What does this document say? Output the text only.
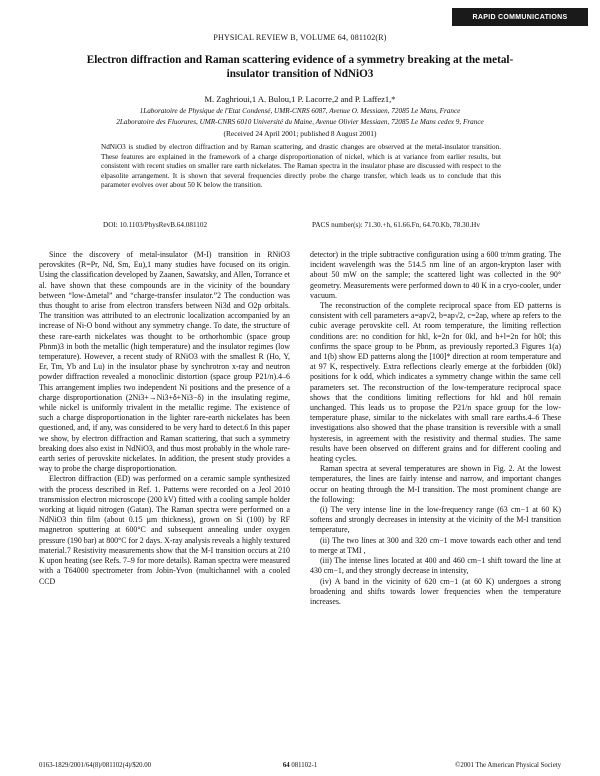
RAPID COMMUNICATIONS
PHYSICAL REVIEW B, VOLUME 64, 081102(R)
Electron diffraction and Raman scattering evidence of a symmetry breaking at the metal-insulator transition of NdNiO3
M. Zaghrioui,1 A. Bulou,1 P. Lacorre,2 and P. Laffez1,*
1Laboratoire de Physique de l'Etat Condensé, UMR-CNRS 6087, Avenue O. Messiaen, 72085 Le Mans, France
2Laboratoire des Fluorures, UMR-CNRS 6010 Université du Maine, Avenue Olivier Messiaen, 72085 Le Mans cedex 9, France
(Received 24 April 2001; published 8 August 2001)

NdNiO3 is studied by electron diffraction and by Raman scattering, and drastic changes are observed at the metal-insulator transition. These features are explained in the framework of a charge disproportionation of nickel, which is at variance from earlier results, but consistent with recent studies on smaller rare earth nickelates. The Raman spectra in the insulator phase are discussed with respect to the elpasolite arrangement. It is shown that several frequencies directly probe the charge transfer, which leads us to conclude that this parameter evolves over about 50 K below the transition.

DOI: 10.1103/PhysRevB.64.081102	PACS number(s): 71.30.+h, 61.66.Fn, 64.70.Kb, 78.30.Hv

Since the discovery of metal-insulator (M-I) transition in RNiO3 perovskites (R=Pr, Nd, Sm, Eu),1 many studies have focused on its origin. Using the classification developed by Zaanen, Sawatsky, and Allen, Torrance et al. have shown that these compounds are in the vicinity of the boundary between “low-Δmetal” and “charge-transfer insulator.”2 The conduction was thus thought to arise from electron transfers between Ni3d and O2p orbitals. The transition was attributed to an electronic localization accompanied by an increase of Ni-O bond without any symmetry change. To date, the structure of these rare-earth nickelates was thought to be orthorhombic (space group Pbnm)3 in both the metallic (high temperature) and the insulator regimes (low temperature). However, a recent study of RNiO3 with the smallest R (Ho, Y, Er, Tm, Yb and Lu) in the insulator phase by synchrotron x-ray and neutron powder diffraction revealed a monoclinic distortion (space group P21/n).4–6 This arrangement implies two independent Ni positions and the presence of a charge disproportionation (2Ni3+→Ni3+δ+Ni3−δ) in the insulating regime, while nickel is uniformly trivalent in the metallic regime. The existence of such a charge disproportionation in the lighter rare-earth nickelates has been questioned, and, if any, was considered to be very hard to detect.6 In this paper we show, by electron diffraction and Raman scattering, that such a symmetry breaking does also exist in NdNiO3, and thus most probably in the whole rare-earth series of perovskite nickelates. In addition, the present study provides a way to probe the charge disproportionation.

Electron diffraction (ED) was performed on a ceramic sample synthesized with the process described in Ref. 1. Patterns were recorded on a Jeol 2010 transmission electron microscope (200 kV) fitted with a cooling sample holder working at liquid nitrogen (Gatan). The Raman spectra were performed on a NdNiO3 thin film (about 0.15 μm thickness), grown on Si (100) by RF magnetron sputtering at 600°C and subsequent annealing under oxygen pressure (190 bar) at 800°C for 2 days. X-ray analysis reveals a highly textured material.7 Resistivity measurements show that the M-I transition occurs at 210 K upon heating (see Refs. 7–9 for more details). Raman spectra were measured with a T64000 spectrometer from Jobin-Yvon (multichannel with a cooled CCD

detector) in the triple subtractive configuration using a 600 tr/mm grating. The incident wavelength was the 514.5 nm line of an argon-krypton laser with about 50 mW on the sample; the scattered light was collected in the 90° geometry. Measurements were performed down to 40 K in a cryo-cooler, under vacuum.

The reconstruction of the complete reciprocal space from ED patterns is consistent with cell parameters a=ap√2, b=ap√2, c=2ap, where ap refers to the cubic average perovskite cell. At room temperature, the limiting reflection conditions are: no condition for hkl, k=2n for 0kl, and h+l=2n for h0l; this confirms the space group to be Pbnm, as previously reported.3 Figures 1(a) and 1(b) show ED patterns along the [100]* direction at room temperature and at 97 K, respectively. Extra reflections clearly emerge at the forbidden (0kl) positions for k odd, which indicates a symmetry change within the same cell parameters set. The reconstruction of the low-temperature reciprocal space shows that the conditions limiting reflections for hkl and h0l remain unchanged. This leads us to propose the P21/n space group for the low-temperature phase, similar to the nickelates with small rare earths.4–6 These investigations also showed that the phase transition is reversible with a small hysteresis, in agreement with the resistivity and thermal studies. The same results have been observed on different grains and for different cooling and heating cycles.

Raman spectra at several temperatures are shown in Fig. 2. At the lowest temperatures, the lines are fairly intense and narrow, and important changes occur on heating through the M-I transition. The most prominent change are the following:

(i) The very intense line in the low-frequency range (63 cm−1 at 60 K) softens and strongly decreases in intensity at the vicinity of the M-I transition temperature,

(ii) The two lines at 300 and 320 cm−1 move towards each other and tend to merge at TMI ,

(iii) The intense lines located at 400 and 460 cm−1 shift toward the line at 430 cm−1, and they strongly decrease in intensity,

(iv) A band in the vicinity of 620 cm−1 (at 60 K) undergoes a strong broadening and shifts towards lower frequencies when the temperature increases.

0163-1829/2001/64(8)/081102(4)/$20.00	64 081102-1	©2001 The American Physical Society
